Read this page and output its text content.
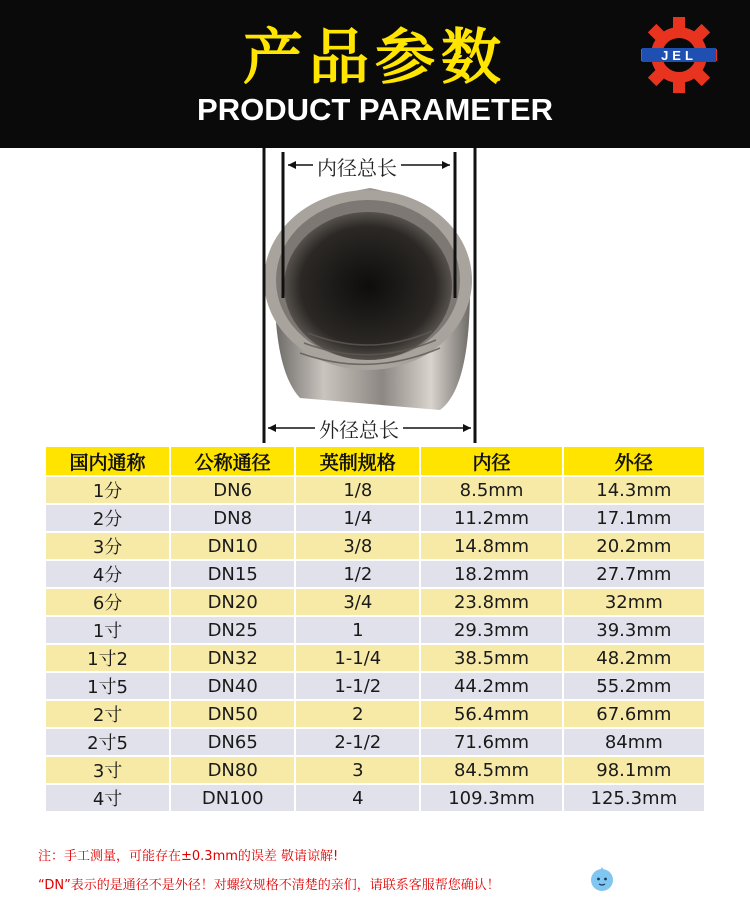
产品参数
PRODUCT PARAMETER
JEL
内径总长
外径总长
国内通称	公称通径	英制规格	内径	外径
1分	DN6	1/8	8.5mm	14.3mm
2分	DN8	1/4	11.2mm	17.1mm
3分	DN10	3/8	14.8mm	20.2mm
4分	DN15	1/2	18.2mm	27.7mm
6分	DN20	3/4	23.8mm	32mm
1寸	DN25	1	29.3mm	39.3mm
1寸2	DN32	1-1/4	38.5mm	48.2mm
1寸5	DN40	1-1/2	44.2mm	55.2mm
2寸	DN50	2	56.4mm	67.6mm
2寸5	DN65	2-1/2	71.6mm	84mm
3寸	DN80	3	84.5mm	98.1mm
4寸	DN100	4	109.3mm	125.3mm
注：手工测量，可能存在±0.3mm的误差 敬请谅解!
“DN”表示的是通径不是外径！对螺纹规格不清楚的亲们，请联系客服帮您确认！
